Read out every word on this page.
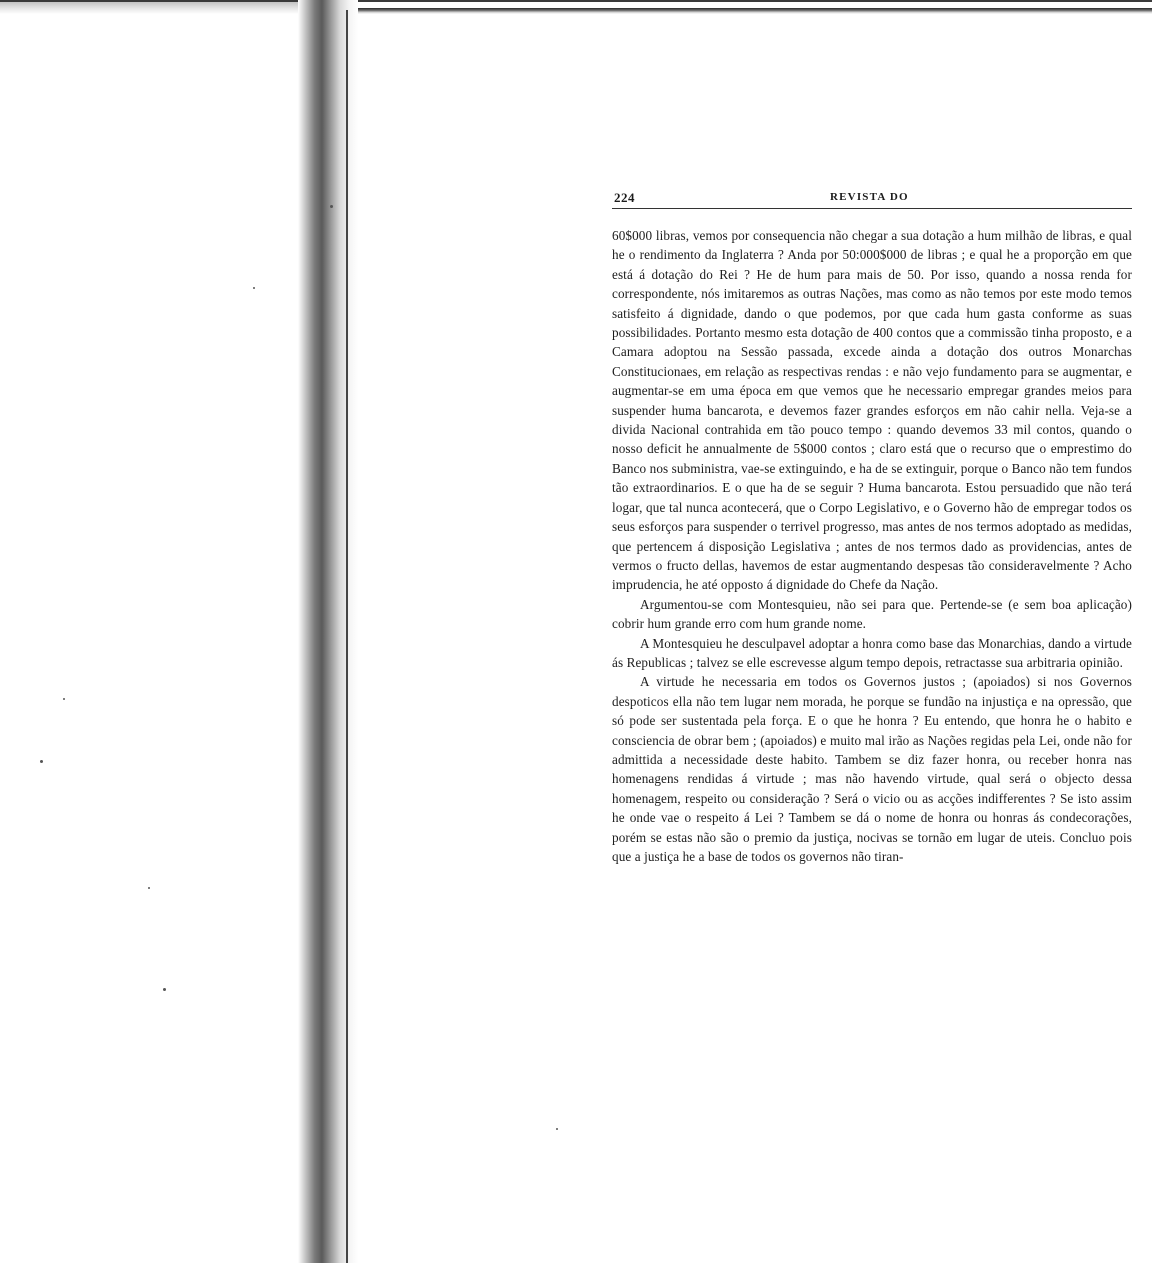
224	REVISTA DO

60$000 libras, vemos por consequencia não chegar a sua dotação a hum milhão de libras, e qual he o rendimento da Inglaterra ? Anda por 50:000$000 de libras ; e qual he a proporção em que está á dotação do Rei ? He de hum para mais de 50. Por isso, quando a nossa renda for correspondente, nós imitaremos as outras Nações, mas como as não temos por este modo temos satisfeito á dignidade, dando o que podemos, por que cada hum gasta conforme as suas possibilidades. Portanto mesmo esta dotação de 400 contos que a commissão tinha proposto, e a Camara adoptou na Sessão passada, excede ainda a dotação dos outros Monarchas Constitucionaes, em relação as respectivas rendas : e não vejo fundamento para se augmentar, e augmentar-se em uma época em que vemos que he necessario empregar grandes meios para suspender huma bancarota, e devemos fazer grandes esforços em não cahir nella. Veja-se a divida Nacional contrahida em tão pouco tempo : quando devemos 33 mil contos, quando o nosso deficit he annualmente de 5$000 contos ; claro está que o recurso que o emprestimo do Banco nos subministra, vae-se extinguindo, e ha de se extinguir, porque o Banco não tem fundos tão extraordinarios. E o que ha de se seguir ? Huma bancarota. Estou persuadido que não terá logar, que tal nunca acontecerá, que o Corpo Legislativo, e o Governo hão de empregar todos os seus esforços para suspender o terrivel progresso, mas antes de nos termos adoptado as medidas, que pertencem á disposição Legislativa ; antes de nos termos dado as providencias, antes de vermos o fructo dellas, havemos de estar augmentando despesas tão consideravelmente ? Acho imprudencia, he até opposto á dignidade do Chefe da Nação.

Argumentou-se com Montesquieu, não sei para que. Pertende-se (e sem boa aplicação) cobrir hum grande erro com hum grande nome.

A Montesquieu he desculpavel adoptar a honra como base das Monarchias, dando a virtude ás Republicas ; talvez se elle escrevesse algum tempo depois, retractasse sua arbitraria opinião.

A virtude he necessaria em todos os Governos justos ; (apoiados) si nos Governos despoticos ella não tem lugar nem morada, he porque se fundão na injustiça e na opressão, que só pode ser sustentada pela força. E o que he honra ? Eu entendo, que honra he o habito e consciencia de obrar bem ; (apoiados) e muito mal irão as Nações regidas pela Lei, onde não for admittida a necessidade deste habito. Tambem se diz fazer honra, ou receber honra nas homenagens rendidas á virtude ; mas não havendo virtude, qual será o objecto dessa homenagem, respeito ou consideração ? Será o vicio ou as acções indifferentes ? Se isto assim he onde vae o respeito á Lei ? Tambem se dá o nome de honra ou honras ás condecorações, porém se estas não são o premio da justiça, nocivas se tornão em lugar de uteis. Concluo pois que a justiça he a base de todos os governos não tiran-
